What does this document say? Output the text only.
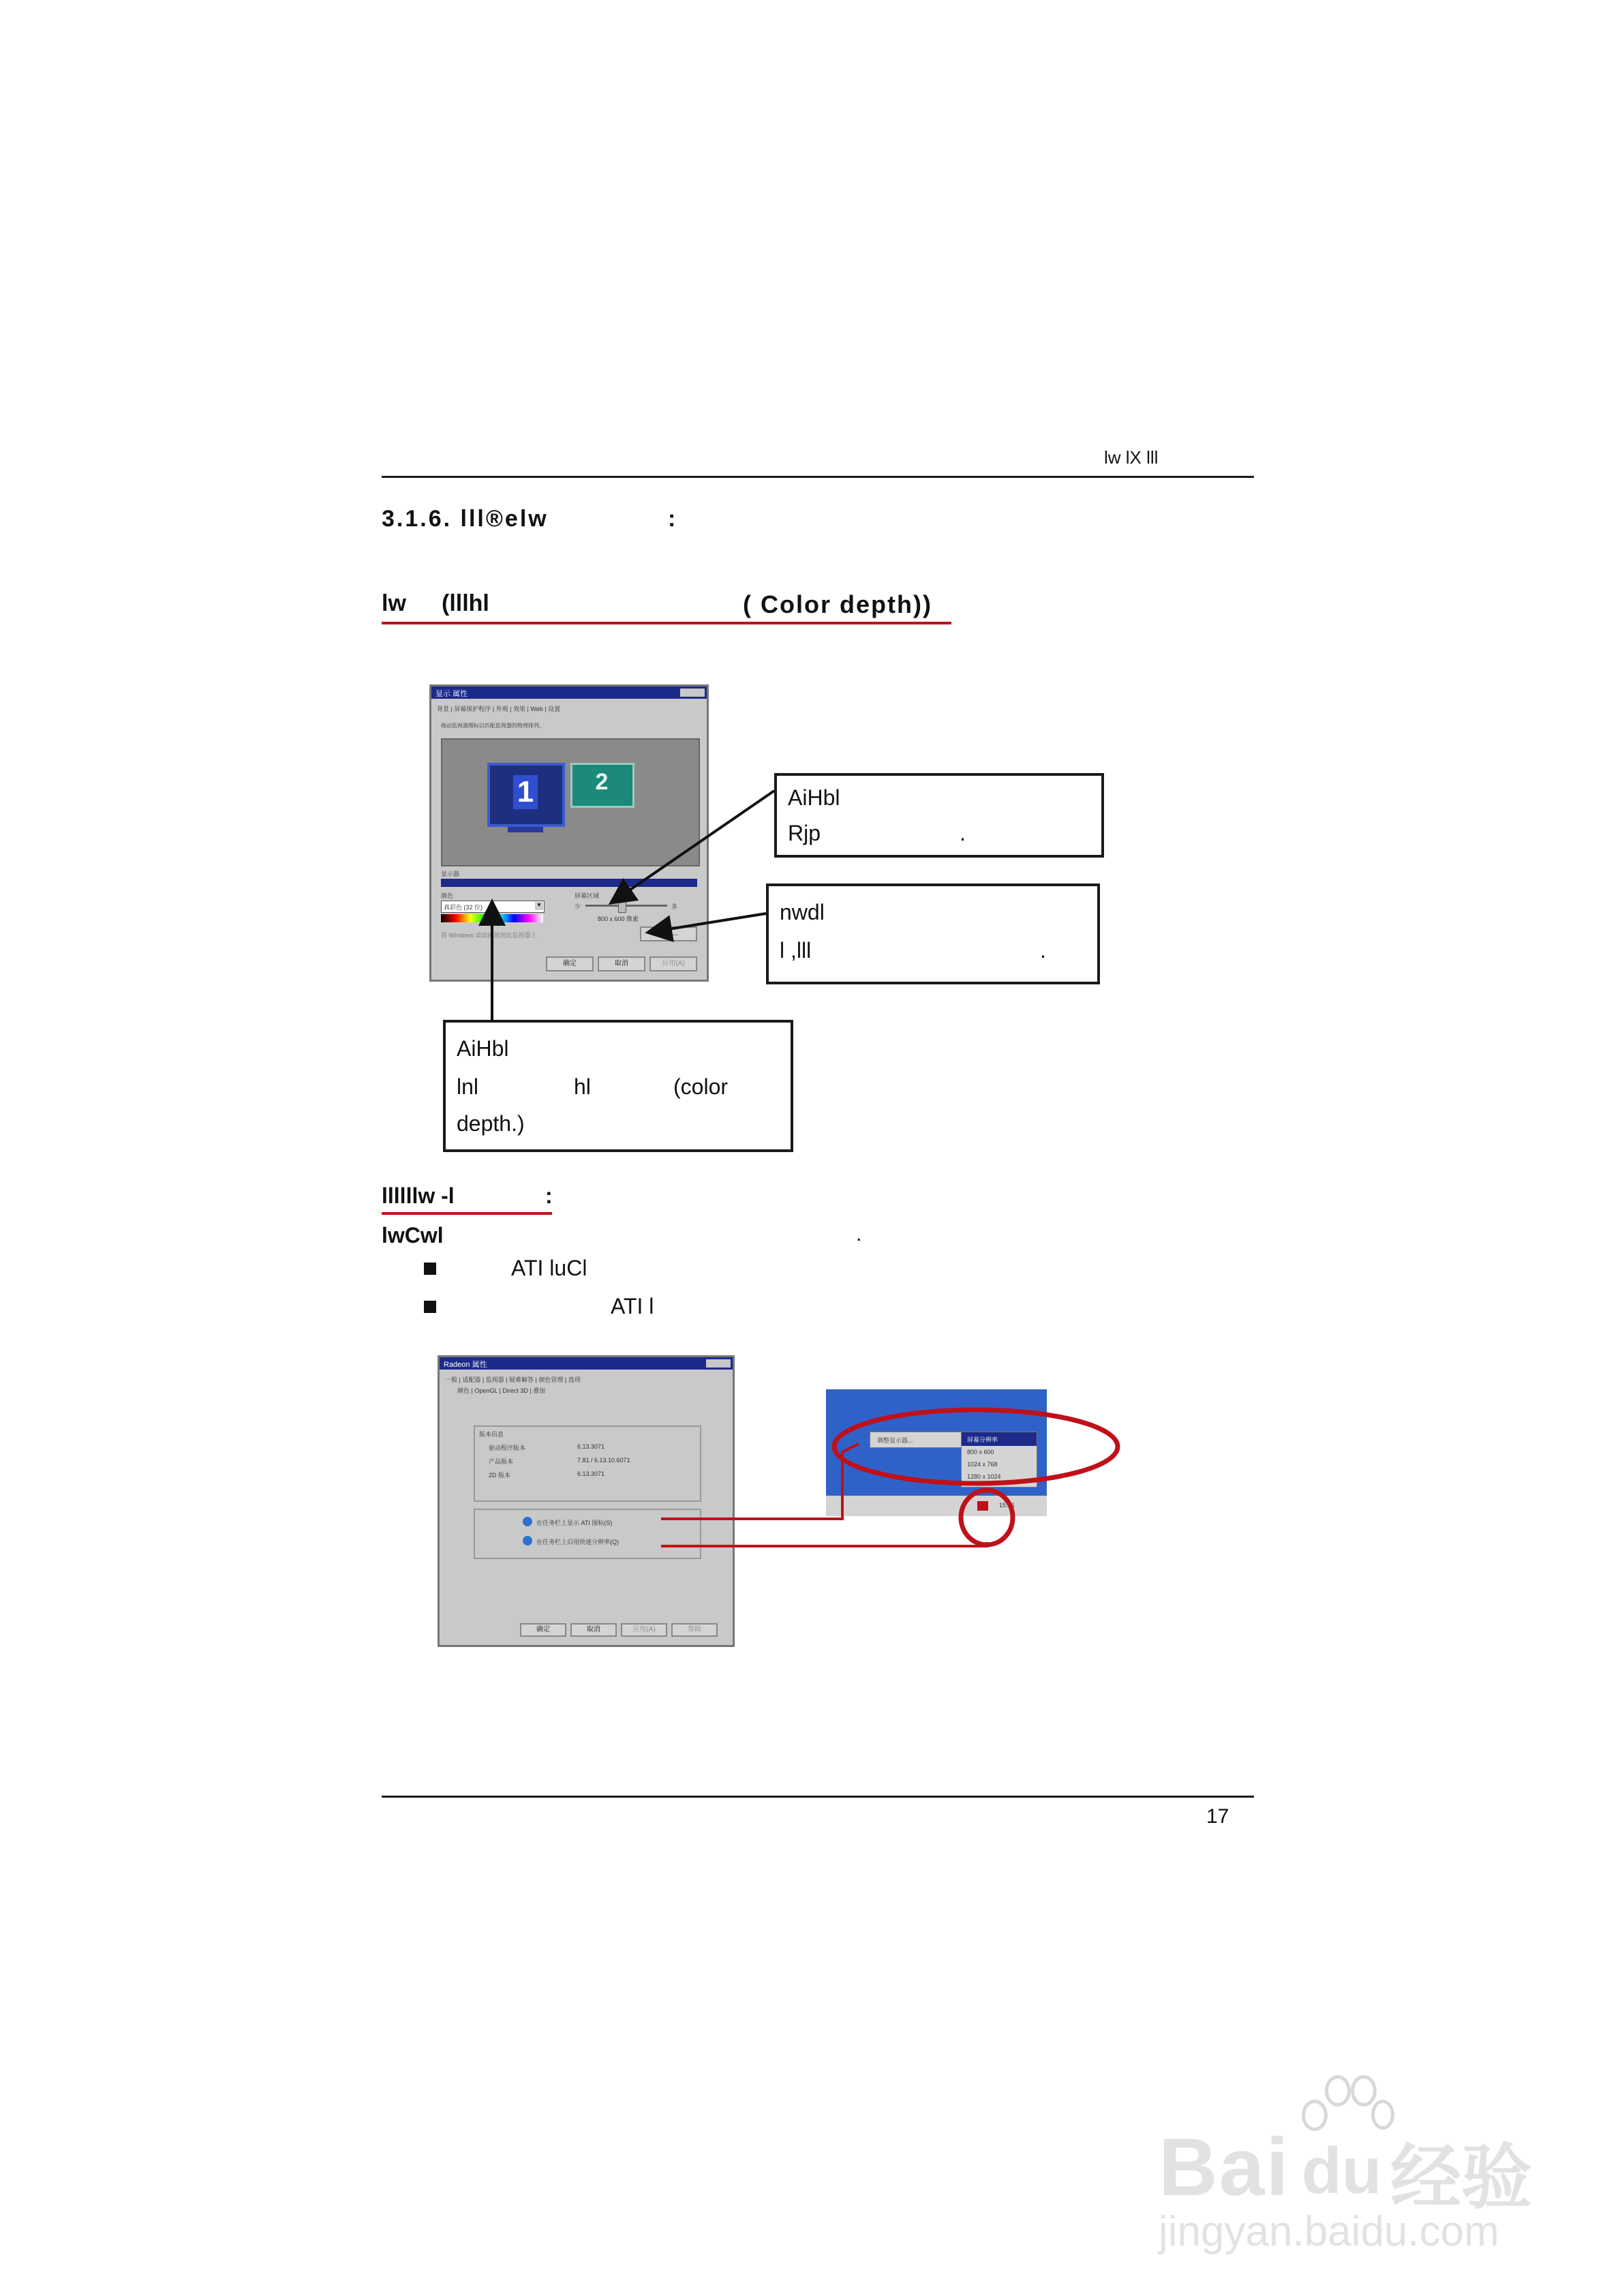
lw lX lll
3.1.6. lll®elw	:
lw (lllhl	( Color depth))
显示 属性
背景 | 屏幕保护程序 | 外观 | 效果 | Web | 设置
拖动监视器图标以匹配监视器的物理排列。
1	2
显示器
颜色
真彩色 (32 位)	▼
屏幕区域
少	多
800 x 600 像素
将 Windows 桌面扩展到此监视器上	高级...
确定	取消	应用(A)
AiHbl
Rjp	.
nwdl
l ,lll	.
AiHbl
lnl	hl	(color
depth.)
llllllw -l	:
lwCwl	.
ATI luCl
ATI l
Radeon 属性
一般 | 适配器 | 监视器 | 疑难解答 | 颜色管理 | 选项
颜色 | OpenGL | Direct 3D | 叠加
版本信息
驱动程序版本	6.13.3071
产品版本	7.81 / 6.13.10.6071
2D 版本	6.13.3071
在任务栏上显示 ATI 图标(S)
在任务栏上启用快速分辨率(Q)
确定	取消	应用(A)	帮助
调整显示器...	屏幕分辨率
800 x 600
1024 x 768
1280 x 1024
15:46
17
Bai du 经验
jingyan.baidu.com
